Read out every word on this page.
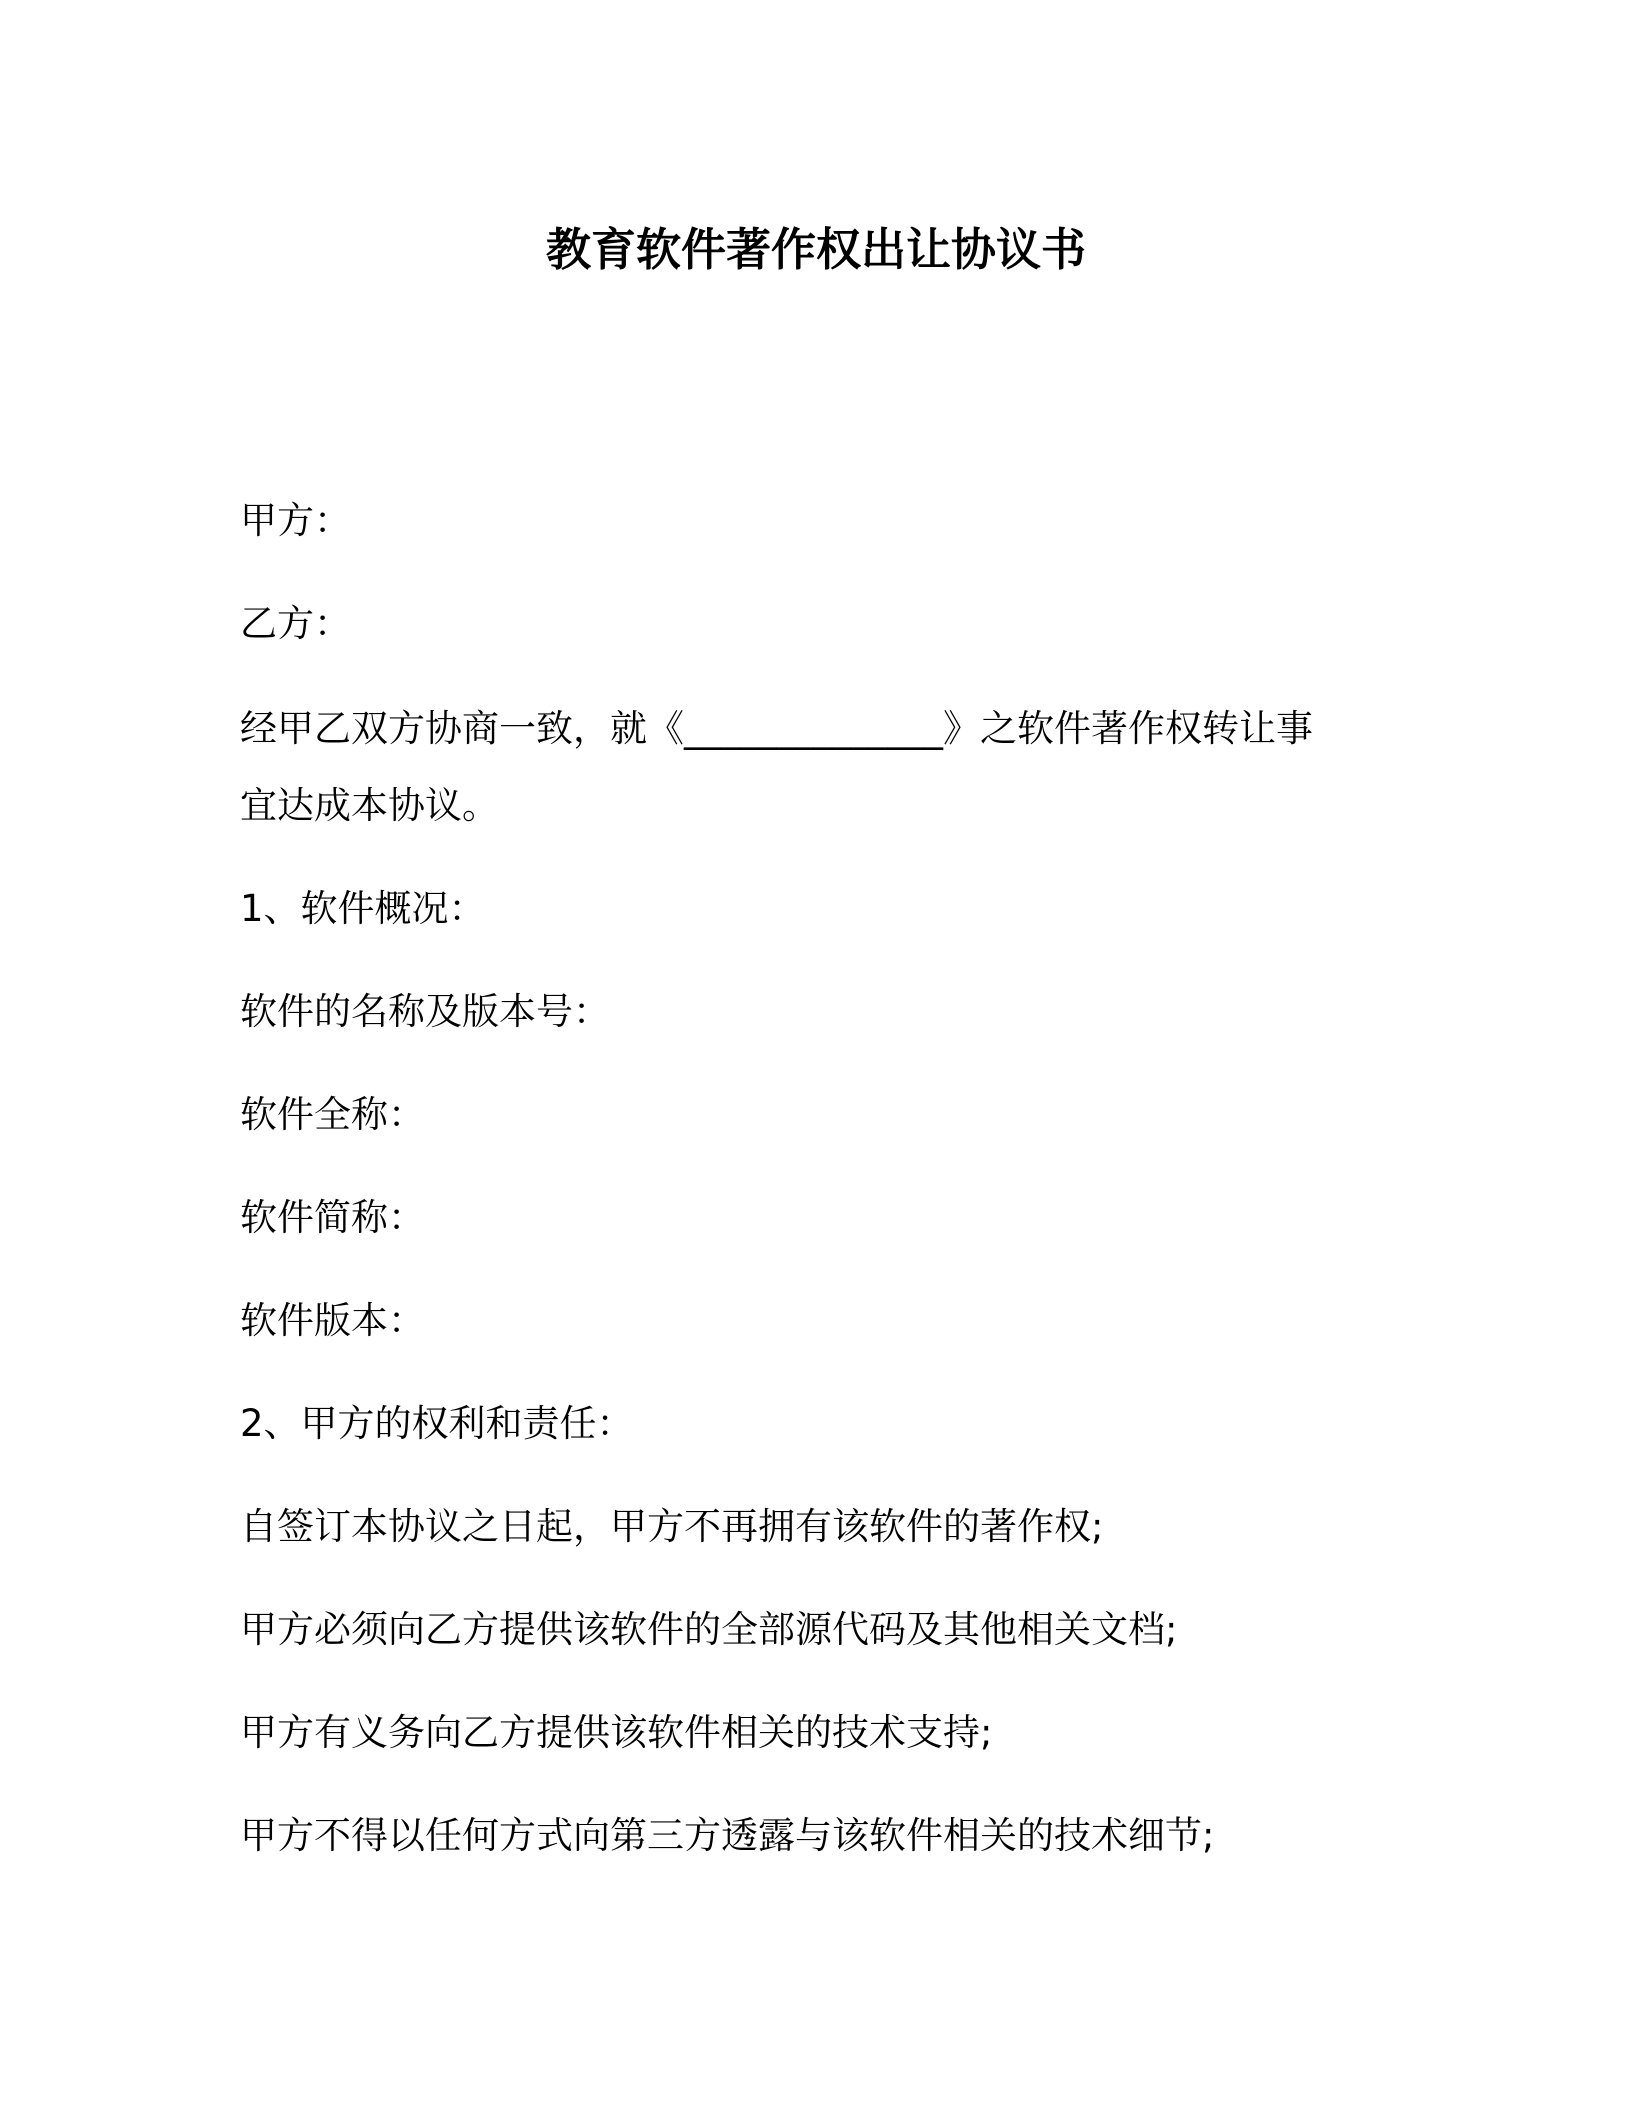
教育软件著作权出让协议书
甲方：
乙方：
经甲乙双方协商一致，就《______________》之软件著作权转让事
宜达成本协议。
1、软件概况：
软件的名称及版本号：
软件全称：
软件简称：
软件版本：
2、甲方的权利和责任：
自签订本协议之日起，甲方不再拥有该软件的著作权;
甲方必须向乙方提供该软件的全部源代码及其他相关文档;
甲方有义务向乙方提供该软件相关的技术支持;
甲方不得以任何方式向第三方透露与该软件相关的技术细节;
